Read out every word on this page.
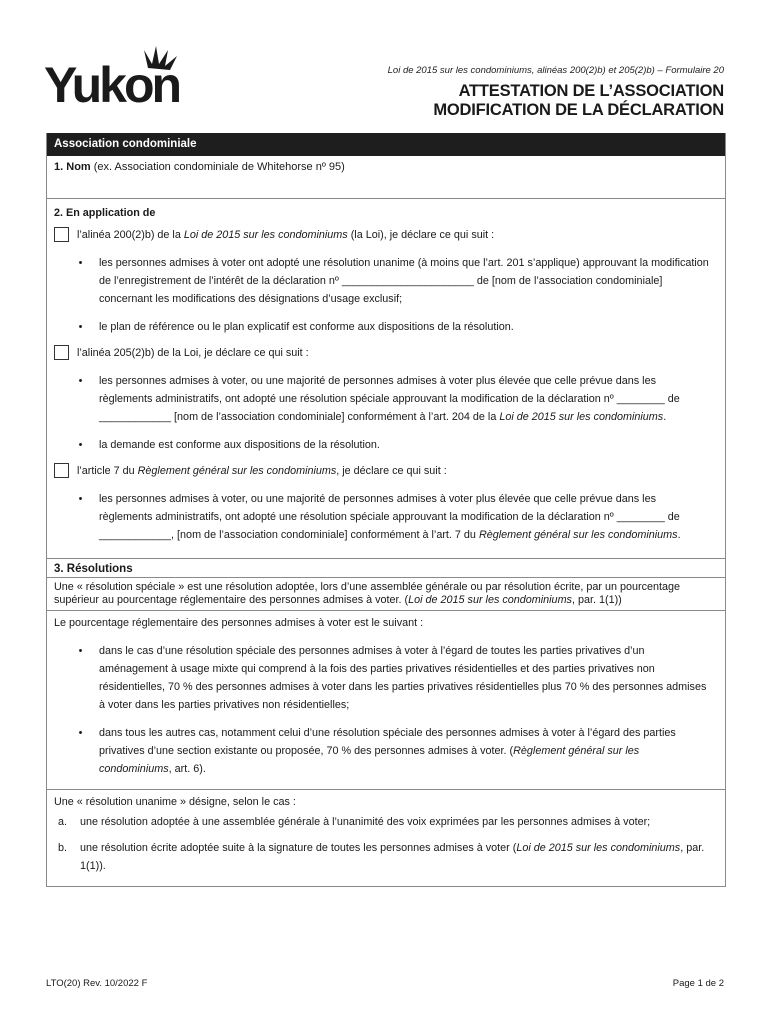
Yukon	Loi de 2015 sur les condominiums, alinéas 200(2)b) et 205(2)b) – Formulaire 20
ATTESTATION DE L’ASSOCIATION
MODIFICATION DE LA DÉCLARATION
Association condominiale
1. Nom (ex. Association condominiale de Whitehorse nº 95)
2. En application de
l’alinéa 200(2)b) de la Loi de 2015 sur les condominiums (la Loi), je déclare ce qui suit :
•	les personnes admises à voter ont adopté une résolution unanime (à moins que l’art. 201 s’applique) approuvant la modification de l’enregistrement de l’intérêt de la déclaration nº ______________________ de [nom de l’association condominiale] concernant les modifications des désignations d’usage exclusif;
•	le plan de référence ou le plan explicatif est conforme aux dispositions de la résolution.
l’alinéa 205(2)b) de la Loi, je déclare ce qui suit :
•	les personnes admises à voter, ou une majorité de personnes admises à voter plus élevée que celle prévue dans les règlements administratifs, ont adopté une résolution spéciale approuvant la modification de la déclaration nº ________ de ____________ [nom de l’association condominiale] conformément à l’art. 204 de la Loi de 2015 sur les condominiums.
•	la demande est conforme aux dispositions de la résolution.
l’article 7 du Règlement général sur les condominiums, je déclare ce qui suit :
•	les personnes admises à voter, ou une majorité de personnes admises à voter plus élevée que celle prévue dans les règlements administratifs, ont adopté une résolution spéciale approuvant la modification de la déclaration nº ________ de ____________, [nom de l’association condominiale] conformément à l’art. 7 du Règlement général sur les condominiums.
3. Résolutions
Une « résolution spéciale » est une résolution adoptée, lors d’une assemblée générale ou par résolution écrite, par un pourcentage supérieur au pourcentage réglementaire des personnes admises à voter. (Loi de 2015 sur les condominiums, par. 1(1))
Le pourcentage réglementaire des personnes admises à voter est le suivant :
•	dans le cas d’une résolution spéciale des personnes admises à voter à l’égard de toutes les parties privatives d’un aménagement à usage mixte qui comprend à la fois des parties privatives résidentielles et des parties privatives non résidentielles, 70 % des personnes admises à voter dans les parties privatives résidentielles plus 70 % des personnes admises à voter dans les parties privatives non résidentielles;
•	dans tous les autres cas, notamment celui d’une résolution spéciale des personnes admises à voter à l’égard des parties privatives d’une section existante ou proposée, 70 % des personnes admises à voter. (Règlement général sur les condominiums, art. 6).
Une « résolution unanime » désigne, selon le cas :
a.	une résolution adoptée à une assemblée générale à l’unanimité des voix exprimées par les personnes admises à voter;
b.	une résolution écrite adoptée suite à la signature de toutes les personnes admises à voter (Loi de 2015 sur les condominiums, par. 1(1)).
LTO(20) Rev. 10/2022 F	Page 1 de 2
